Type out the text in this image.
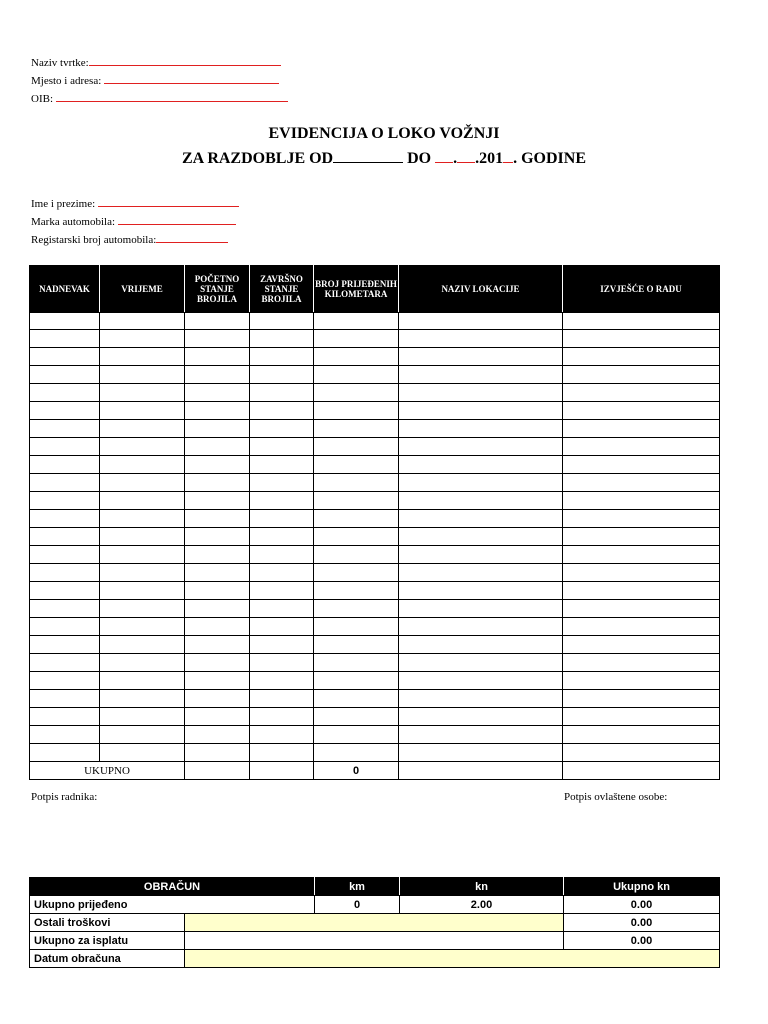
Naziv tvrtke:
Mjesto i adresa:
OIB:
EVIDENCIJA O LOKO VOŽNJI
ZA RAZDOBLJE OD	DO . .201 . GODINE
Ime i prezime:
Marka automobila:
Registarski broj automobila:
NADNEVAK	VRIJEME	POČETNO STANJE BROJILA	ZAVRŠNO STANJE BROJILA	BROJ PRIJEĐENIH KILOMETARA	NAZIV LOKACIJE	IZVJEŠĆE O RADU

UKUPNO				0		
Potpis radnika:	Potpis ovlaštene osobe:
OBRAČUN		km	kn	Ukupno kn
Ukupno prijeđeno		0	2.00	0.00
Ostali troškovi				0.00
Ukupno za isplatu				0.00
Datum obračuna				
